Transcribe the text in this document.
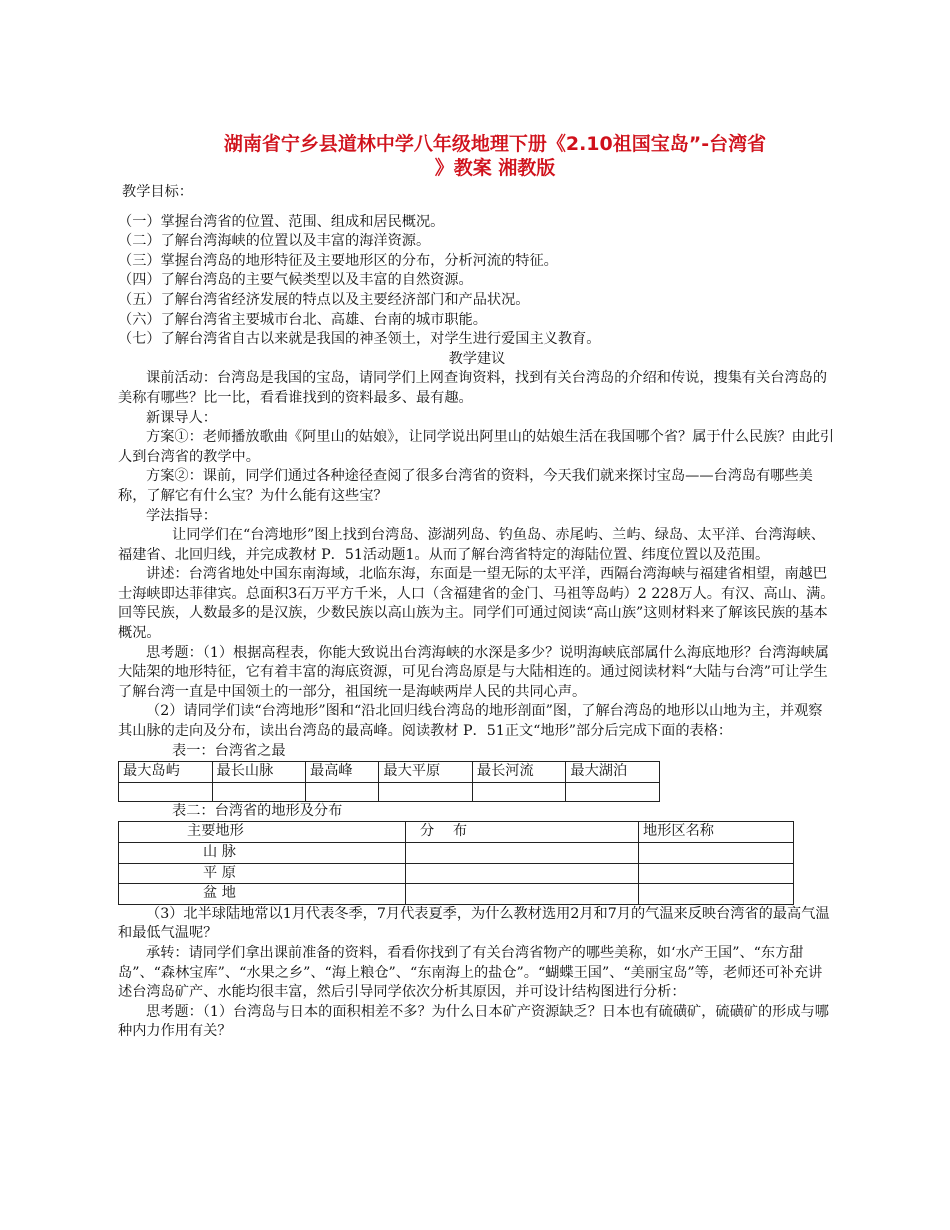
湖南省宁乡县道林中学八年级地理下册《2.10祖国宝岛”-台湾省
》教案 湘教版

教学目标：

（一）掌握台湾省的位置、范围、组成和居民概况。

（二）了解台湾海峡的位置以及丰富的海洋资源。

（三）掌握台湾岛的地形特征及主要地形区的分布，分析河流的特征。

（四）了解台湾岛的主要气候类型以及丰富的自然资源。

（五）了解台湾省经济发展的特点以及主要经济部门和产品状况。

（六）了解台湾省主要城市台北、高雄、台南的城市职能。

（七）了解台湾省自古以来就是我国的神圣领土，对学生进行爱国主义教育。

教学建议

课前活动：台湾岛是我国的宝岛，请同学们上网查询资料，找到有关台湾岛的介绍和传说，搜集有关台湾岛的美称有哪些？比一比，看看谁找到的资料最多、最有趣。

新课导人：

方案①：老师播放歌曲《阿里山的姑娘》，让同学说出阿里山的姑娘生活在我国哪个省？属于什么民族？由此引人到台湾省的教学中。

方案②：课前，同学们通过各种途径查阅了很多台湾省的资料，今天我们就来探讨宝岛——台湾岛有哪些美称，了解它有什么宝？为什么能有这些宝？

学法指导：

让同学们在“台湾地形”图上找到台湾岛、澎湖列岛、钓鱼岛、赤尾屿、兰屿、绿岛、太平洋、台湾海峡、福建省、北回归线，并完成教材 P．51活动题1。从而了解台湾省特定的海陆位置、纬度位置以及范围。

讲述：台湾省地处中国东南海域，北临东海，东面是一望无际的太平洋，西隔台湾海峡与福建省相望，南越巴士海峡即达菲律宾。总面积3石万平方千米，人口（含福建省的金门、马祖等岛屿）2 228万人。有汉、高山、满。回等民族，人数最多的是汉族，少数民族以高山族为主。同学们可通过阅读“高山族”这则材料来了解该民族的基本概况。

思考题：（1）根据高程表，你能大致说出台湾海峡的水深是多少？说明海峡底部属什么海底地形？台湾海峡属大陆架的地形特征，它有着丰富的海底资源，可见台湾岛原是与大陆相连的。通过阅读材料“大陆与台湾”可让学生了解台湾一直是中国领土的一部分，祖国统一是海峡两岸人民的共同心声。

（2）请同学们读“台湾地形”图和“沿北回归线台湾岛的地形剖面”图，了解台湾岛的地形以山地为主，并观察其山脉的走向及分布，读出台湾岛的最高峰。阅读教材 P．51正文“地形”部分后完成下面的表格：

表一：台湾省之最

最大岛屿	最长山脉	最高峰	最大平原	最长河流	最大湖泊

表二：台湾省的地形及分布

主要地形	分　 布	地形区名称
山 脉		
平 原		
盆 地		

（3）北半球陆地常以1月代表冬季，7月代表夏季，为什么教材选用2月和7月的气温来反映台湾省的最高气温和最低气温呢？

承转：请同学们拿出课前准备的资料，看看你找到了有关台湾省物产的哪些美称，如‘水产王国”、“东方甜岛”、“森林宝库”、“水果之乡”、“海上粮仓”、“东南海上的盐仓”。“蝴蝶王国”、“美丽宝岛”等，老师还可补充讲述台湾岛矿产、水能均很丰富，然后引导同学依次分析其原因，并可设计结构图进行分析：

思考题：（1）台湾岛与日本的面积相差不多？为什么日本矿产资源缺乏？日本也有硫磺矿，硫磺矿的形成与哪种内力作用有关？
